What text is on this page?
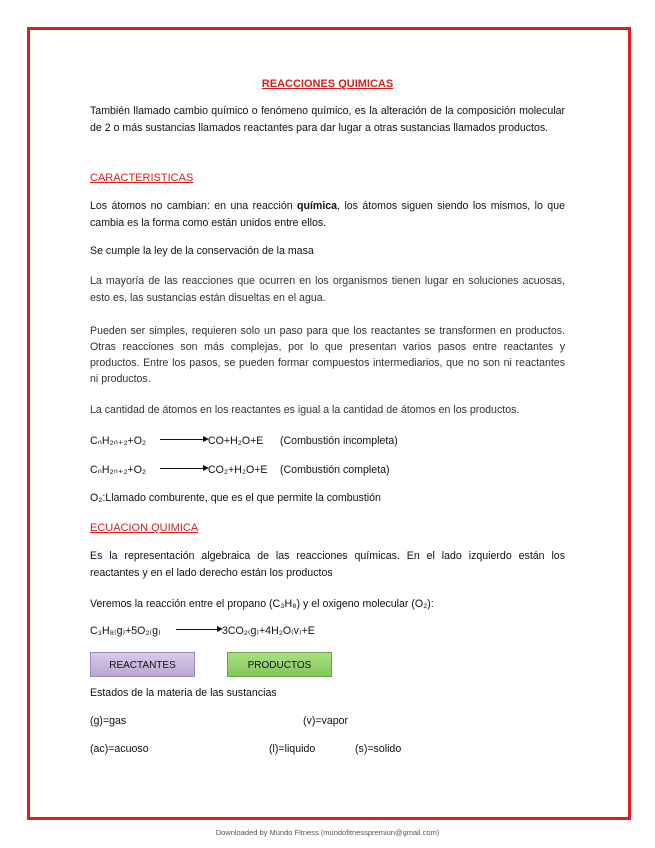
REACCIONES QUIMICAS
También llamado cambio químico o fenómeno químico, es la alteración de la composición molecular de 2 o más sustancias llamados reactantes para dar lugar a otras sustancias llamados productos.
CARACTERISTICAS
Los átomos no cambian: en una reacción química, los átomos siguen siendo los mismos, lo que cambia es la forma como están unidos entre ellos.
Se cumple la ley de la conservación de la masa
La mayoría de las reacciones que ocurren en los organismos tienen lugar en soluciones acuosas, esto es, las sustancias están disueltas en el agua.
Pueden ser simples, requieren solo un paso para que los reactantes se transformen en productos. Otras reacciones son más complejas, por lo que presentan varios pasos entre reactantes y productos. Entre los pasos, se pueden formar compuestos intermediarios, que no son ni reactantes ni productos.
La cantidad de átomos en los reactantes es igual a la cantidad de átomos en los productos.
CₙH₂ₙ₊₂+O₂	CO+H₂O+E (Combustión incompleta)
CₙH₂ₙ₊₂+O₂	CO₂+H₂O+E (Combustión completa)
O₂:Llamado comburente, que es el que permite la combustión
ECUACION QUIMICA
Es la representación algebraica de las reacciones químicas. En el lado izquierdo están los reactantes y en el lado derecho están los productos
Veremos la reacción entre el propano (C₃H₈) y el oxigeno molecular (O₂):
C₃H₈₍g₎+5O₂₍g₎	3CO₂₍g₎+4H₂O₍v₎+E
REACTANTES	PRODUCTOS
Estados de la materia de las sustancias
(g)=gas	(v)=vapor
(ac)=acuoso	(l)=liquido	(s)=solido
Downloaded by Mundo Fitness (mundofitnesspremiun@gmail.com)
